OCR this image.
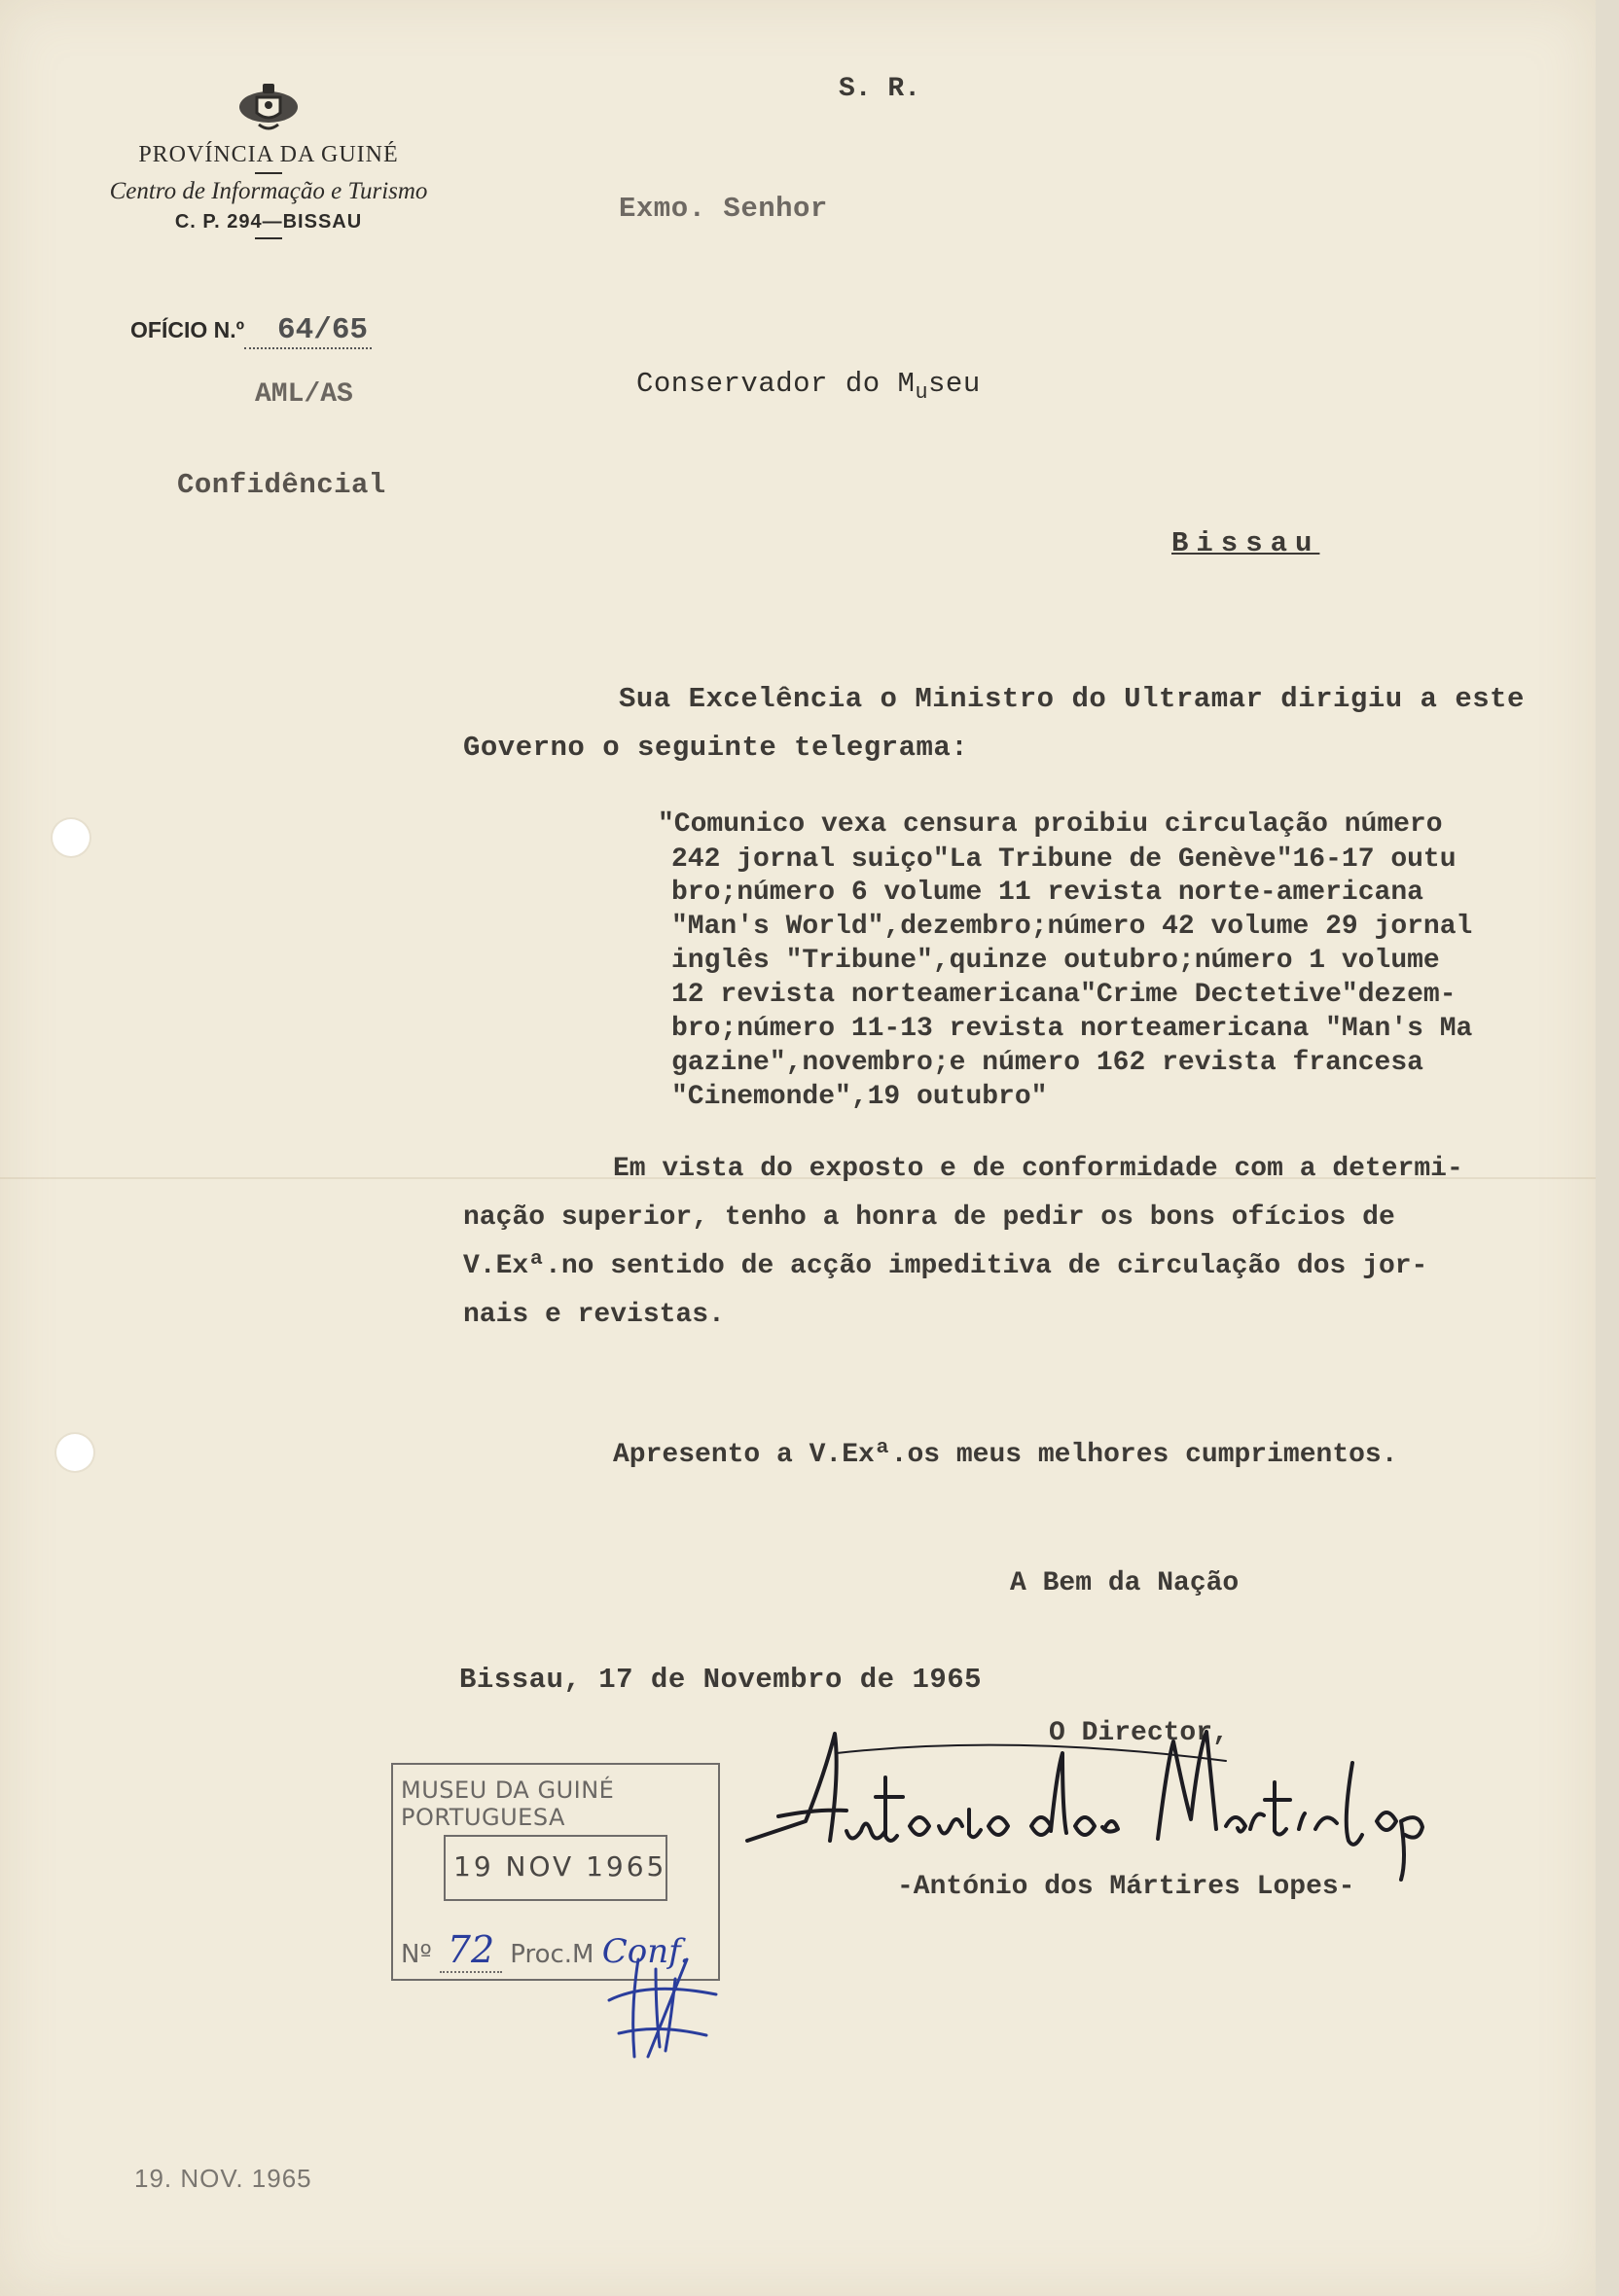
PROVÍNCIA DA GUINÉ
Centro de Informação e Turismo
C. P. 294—BISSAU
OFÍCIO N.º 64/65
AML/AS
Confidêncial
S. R.
Exmo. Senhor
Conservador do $M_useu$
Bissau
Sua Excelência o Ministro do Ultramar dirigiu a este
Governo o seguinte telegrama:
"Comunico vexa censura proibiu circulação número
242 jornal suiço"La Tribune de Genève"16-17 outu
bro;número 6 volume 11 revista norte-americana
"Man's World",dezembro;número 42 volume 29 jornal
inglês "Tribune",quinze outubro;número 1 volume
12 revista norteamericana"Crime Dectetive"dezem-
bro;número 11-13 revista norteamericana "Man's Ma
gazine",novembro;e número 162 revista francesa
"Cinemonde",19 outubro"
Em vista do exposto e de conformidade com a determi-
nação superior, tenho a honra de pedir os bons ofícios de
V.Exª.no sentido de acção impeditiva de circulação dos jor-
nais e revistas.
Apresento a V.Exª.os meus melhores cumprimentos.
A Bem da Nação
Bissau, 17 de Novembro de 1965
O Director,
-António dos Mártires Lopes-
MUSEU DA GUINÉ PORTUGUESA
19 NOV 1965
Nº 72 Proc.M Conf.
19. NOV. 1965
